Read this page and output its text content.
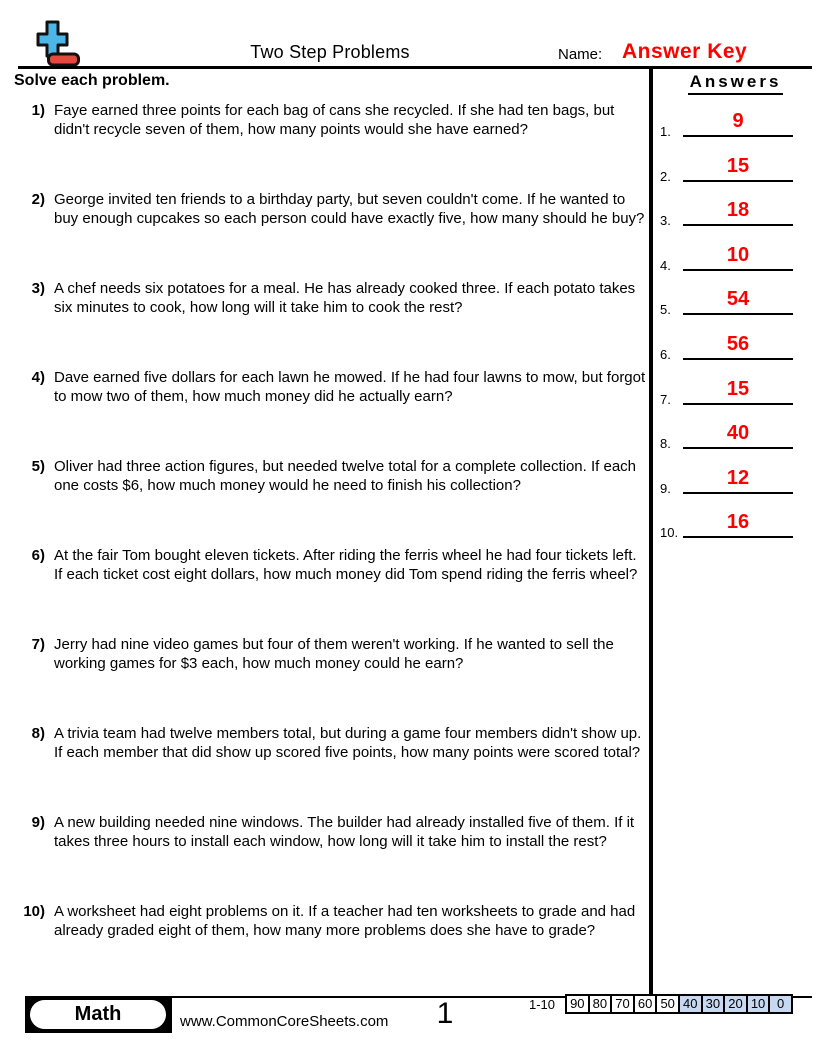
Two Step Problems	Name: Answer Key
Solve each problem.
1) Faye earned three points for each bag of cans she recycled. If she had ten bags, but didn't recycle seven of them, how many points would she have earned?
2) George invited ten friends to a birthday party, but seven couldn't come. If he wanted to buy enough cupcakes so each person could have exactly five, how many should he buy?
3) A chef needs six potatoes for a meal. He has already cooked three. If each potato takes six minutes to cook, how long will it take him to cook the rest?
4) Dave earned five dollars for each lawn he mowed. If he had four lawns to mow, but forgot to mow two of them, how much money did he actually earn?
5) Oliver had three action figures, but needed twelve total for a complete collection. If each one costs $6, how much money would he need to finish his collection?
6) At the fair Tom bought eleven tickets. After riding the ferris wheel he had four tickets left. If each ticket cost eight dollars, how much money did Tom spend riding the ferris wheel?
7) Jerry had nine video games but four of them weren't working. If he wanted to sell the working games for $3 each, how much money could he earn?
8) A trivia team had twelve members total, but during a game four members didn't show up. If each member that did show up scored five points, how many points were scored total?
9) A new building needed nine windows. The builder had already installed five of them. If it takes three hours to install each window, how long will it take him to install the rest?
10) A worksheet had eight problems on it. If a teacher had ten worksheets to grade and had already graded eight of them, how many more problems does she have to grade?
Answers
1.	9
2.	15
3.	18
4.	10
5.	54
6.	56
7.	15
8.	40
9.	12
10.	16
Math	www.CommonCoreSheets.com	1	1-10	90 80 70 60 50 40 30 20 10 0
